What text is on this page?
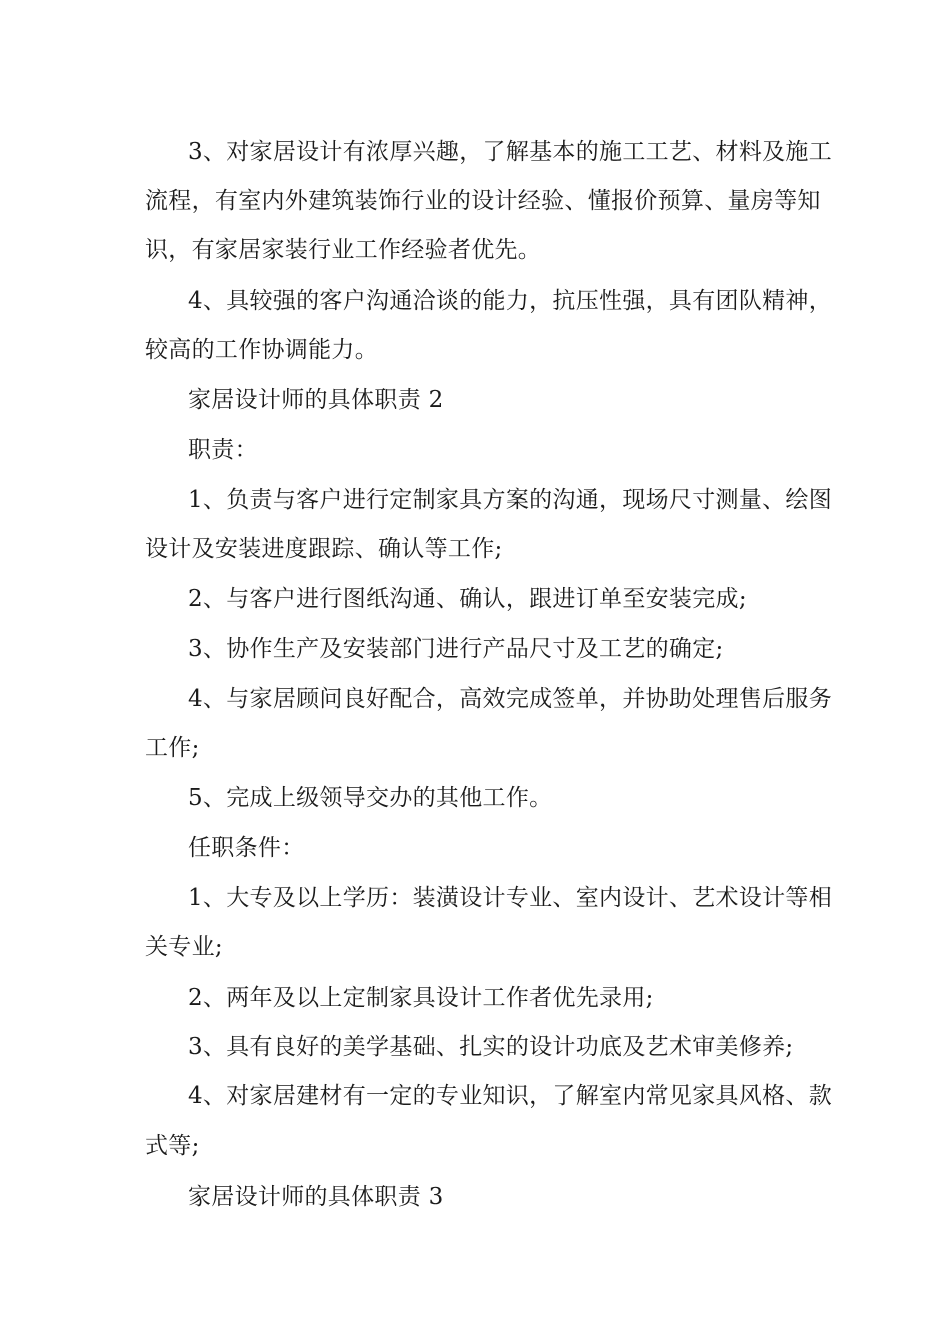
3、对家居设计有浓厚兴趣，了解基本的施工工艺、材料及施工
流程，有室内外建筑装饰行业的设计经验、懂报价预算、量房等知
识，有家居家装行业工作经验者优先。
4、具较强的客户沟通洽谈的能力，抗压性强，具有团队精神，
较高的工作协调能力。
家居设计师的具体职责 2
职责：
1、负责与客户进行定制家具方案的沟通，现场尺寸测量、绘图
设计及安装进度跟踪、确认等工作;
2、与客户进行图纸沟通、确认，跟进订单至安装完成;
3、协作生产及安装部门进行产品尺寸及工艺的确定;
4、与家居顾问良好配合，高效完成签单，并协助处理售后服务
工作;
5、完成上级领导交办的其他工作。
任职条件：
1、大专及以上学历：装潢设计专业、室内设计、艺术设计等相
关专业;
2、两年及以上定制家具设计工作者优先录用;
3、具有良好的美学基础、扎实的设计功底及艺术审美修养;
4、对家居建材有一定的专业知识，了解室内常见家具风格、款
式等;
家居设计师的具体职责 3
